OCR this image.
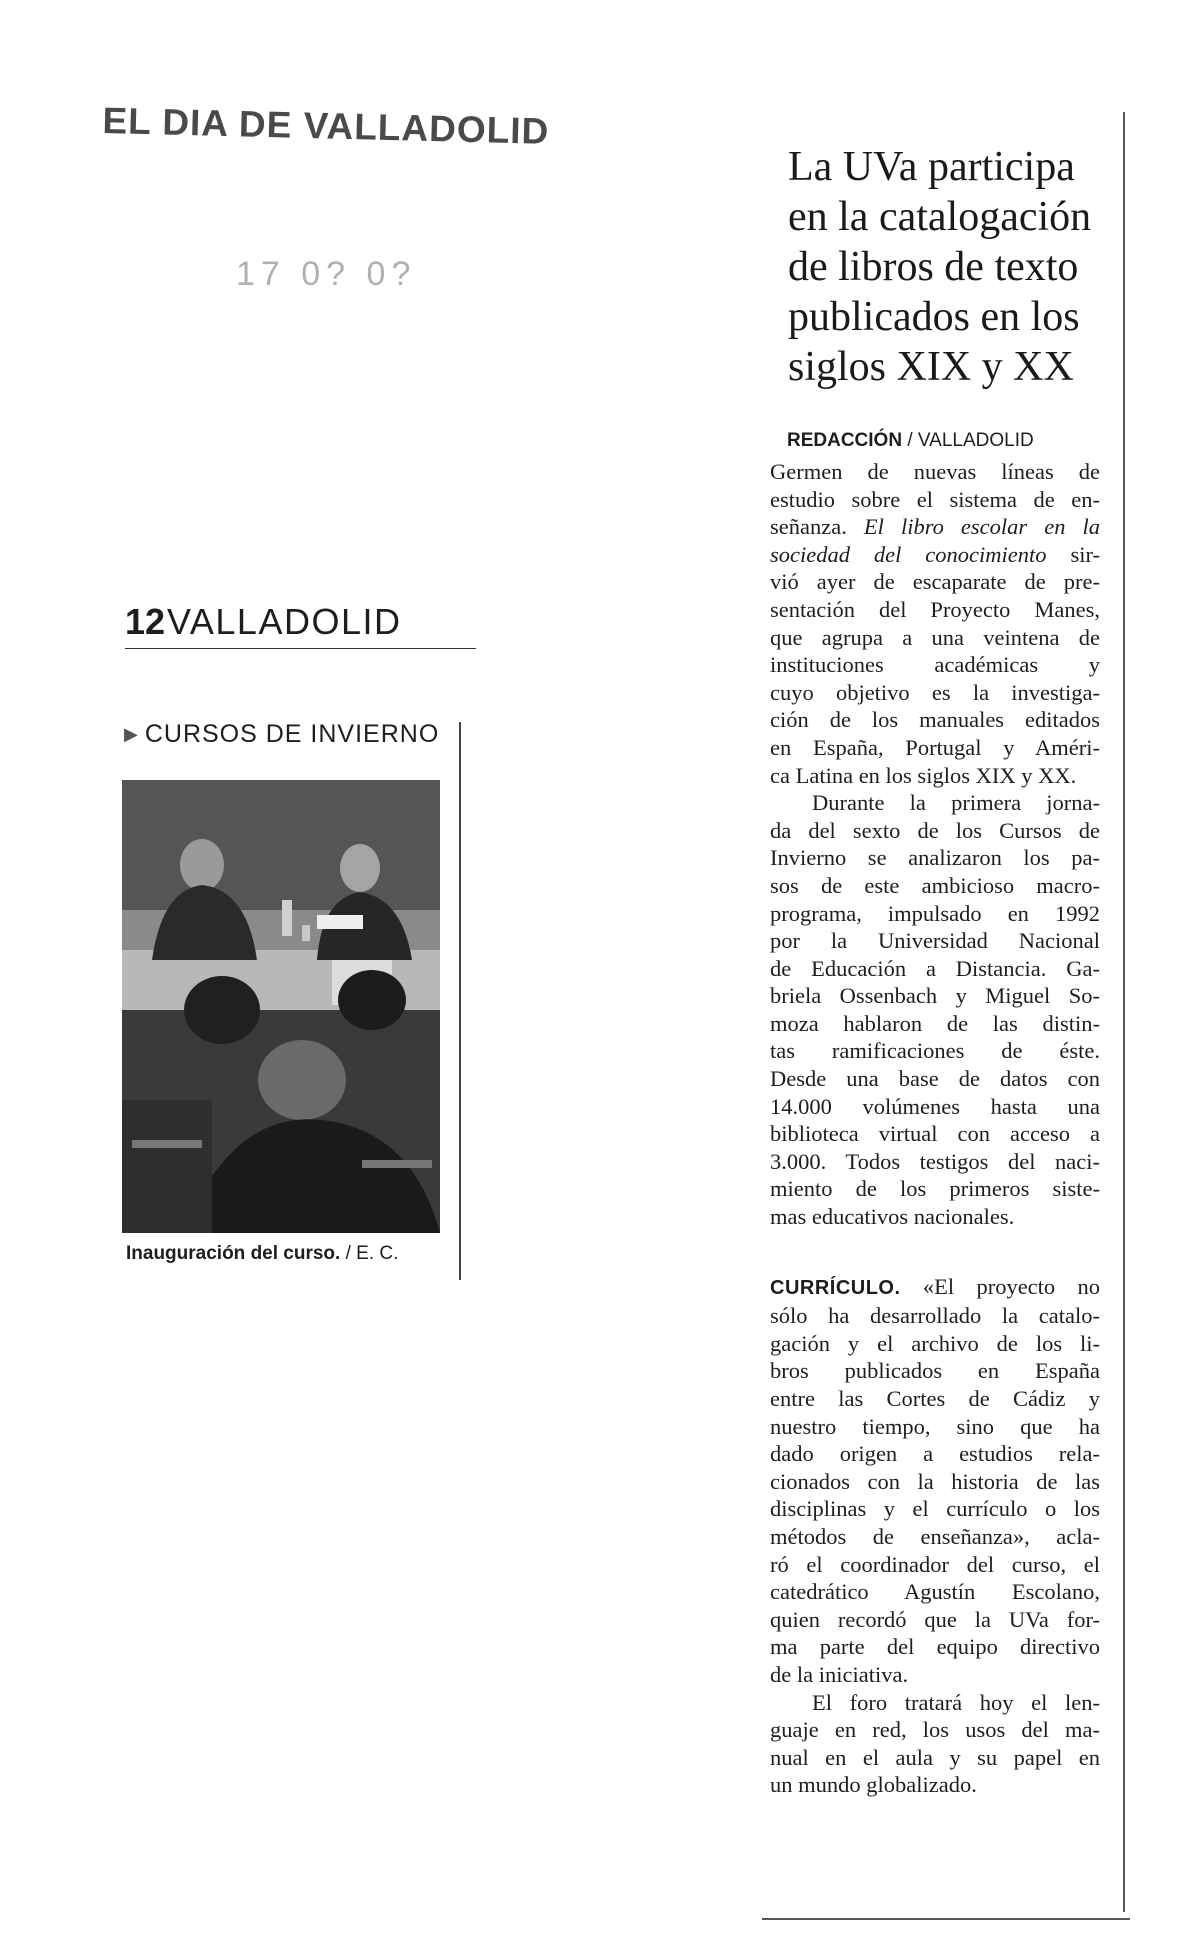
EL DIA DE VALLADOLID
17 0? 0?
12VALLADOLID
▶ CURSOS DE INVIERNO
Inauguración del curso. / E. C.
La UVa participa
en la catalogación
de libros de texto
publicados en los
siglos XIX y XX
REDACCIÓN / VALLADOLID
Germen de nuevas líneas de
estudio sobre el sistema de en-
señanza. El libro escolar en la
sociedad del conocimiento sir-
vió ayer de escaparate de pre-
sentación del Proyecto Manes,
que agrupa a una veintena de
instituciones académicas y
cuyo objetivo es la investiga-
ción de los manuales editados
en España, Portugal y Améri-
ca Latina en los siglos XIX y XX.
Durante la primera jorna-
da del sexto de los Cursos de
Invierno se analizaron los pa-
sos de este ambicioso macro-
programa, impulsado en 1992
por la Universidad Nacional
de Educación a Distancia. Ga-
briela Ossenbach y Miguel So-
moza hablaron de las distin-
tas ramificaciones de éste.
Desde una base de datos con
14.000 volúmenes hasta una
biblioteca virtual con acceso a
3.000. Todos testigos del naci-
miento de los primeros siste-
mas educativos nacionales.
CURRÍCULO. «El proyecto no
sólo ha desarrollado la catalo-
gación y el archivo de los li-
bros publicados en España
entre las Cortes de Cádiz y
nuestro tiempo, sino que ha
dado origen a estudios rela-
cionados con la historia de las
disciplinas y el currículo o los
métodos de enseñanza», acla-
ró el coordinador del curso, el
catedrático Agustín Escolano,
quien recordó que la UVa for-
ma parte del equipo directivo
de la iniciativa.
El foro tratará hoy el len-
guaje en red, los usos del ma-
nual en el aula y su papel en
un mundo globalizado.
